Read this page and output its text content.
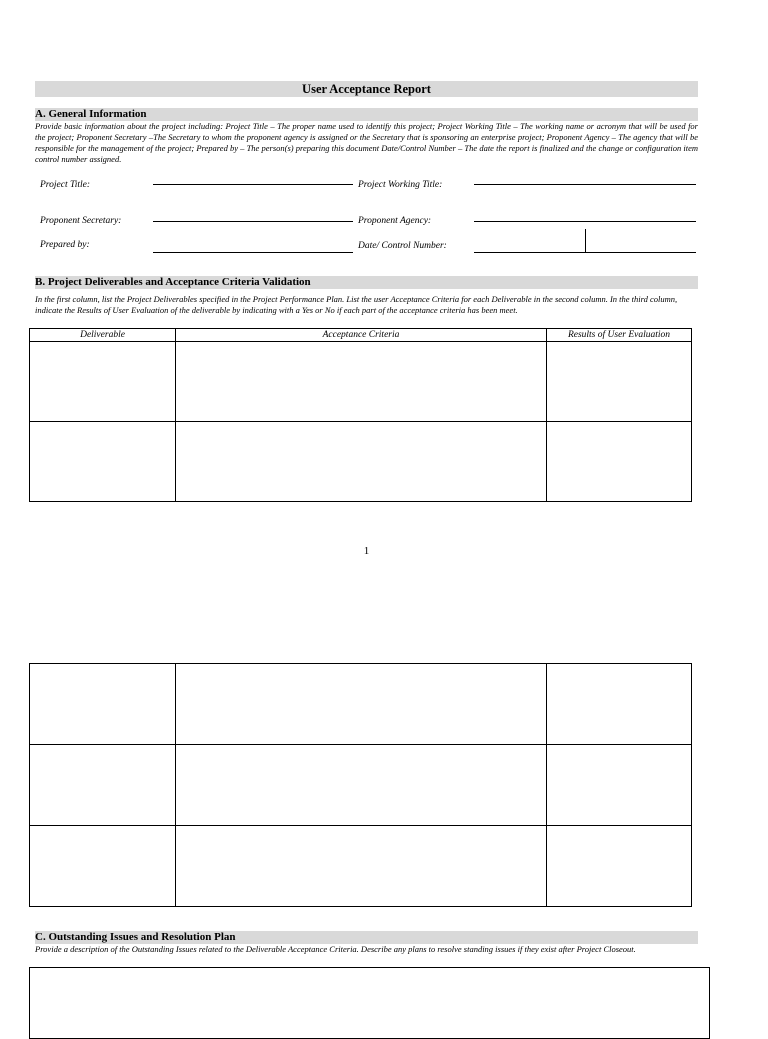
User Acceptance Report
A. General Information
Provide basic information about the project including: Project Title – The proper name used to identify this project; Project Working Title – The working name or acronym that will be used for the project; Proponent Secretary –The Secretary to whom the proponent agency is assigned or the Secretary that is sponsoring an enterprise project; Proponent Agency – The agency that will be responsible for the management of the project; Prepared by – The person(s) preparing this document Date/Control Number – The date the report is finalized and the change or configuration item control number assigned.
Project Title:	Project Working Title:
Proponent Secretary:	Proponent Agency:
Prepared by:	Date/ Control Number:
B. Project Deliverables and Acceptance Criteria Validation
In the first column, list the Project Deliverables specified in the Project Performance Plan. List the user Acceptance Criteria for each Deliverable in the second column. In the third column, indicate the Results of User Evaluation of the deliverable by indicating with a Yes or No if each part of the acceptance criteria has been meet.
Deliverable	Acceptance Criteria	Results of User Evaluation

1

C. Outstanding Issues and Resolution Plan
Provide a description of the Outstanding Issues related to the Deliverable Acceptance Criteria. Describe any plans to resolve standing issues if they exist after Project Closeout.
